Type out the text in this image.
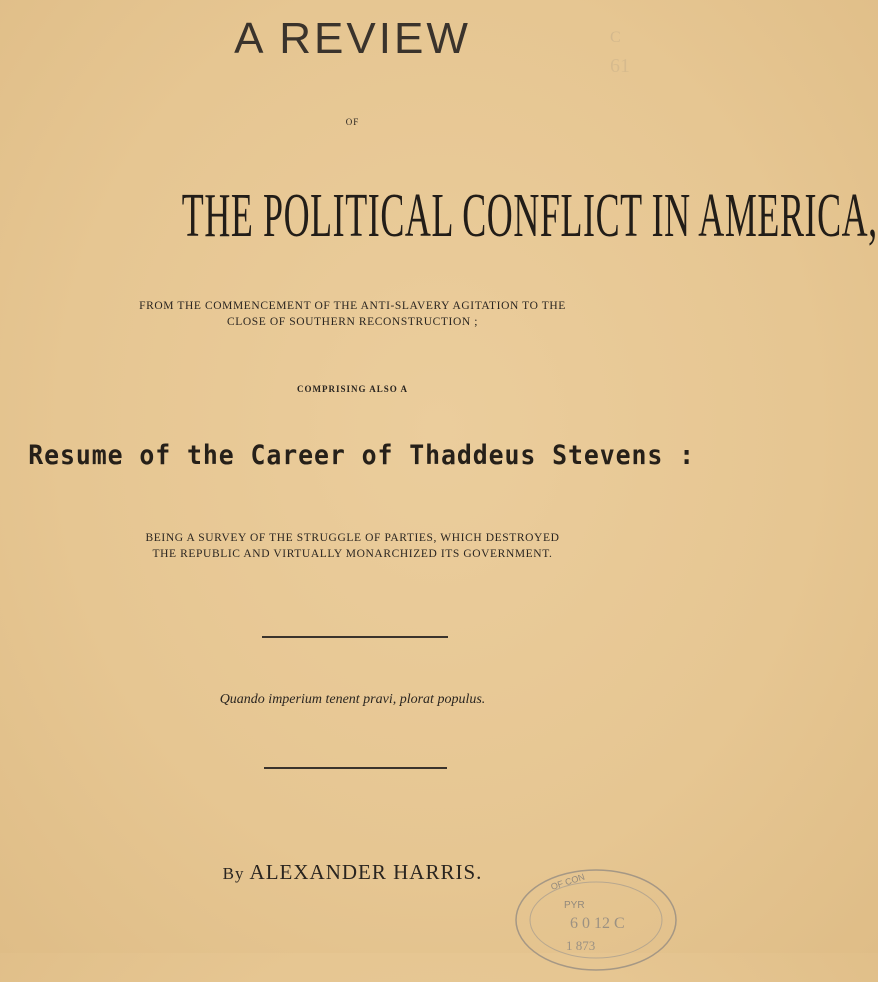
A REVIEW
OF
THE POLITICAL CONFLICT IN AMERICA,
FROM THE COMMENCEMENT OF THE ANTI-SLAVERY AGITATION TO THE
CLOSE OF SOUTHERN RECONSTRUCTION ;
COMPRISING ALSO A
Resume of the Career of Thaddeus Stevens :
BEING A SURVEY OF THE STRUGGLE OF PARTIES, WHICH DESTROYED
THE REPUBLIC AND VIRTUALLY MONARCHIZED ITS GOVERNMENT.
Quando imperium tenent pravi, plorat populus.
By ALEXANDER HARRIS.	OF CON
PYR
6 0 12 C
1 873
C
61
